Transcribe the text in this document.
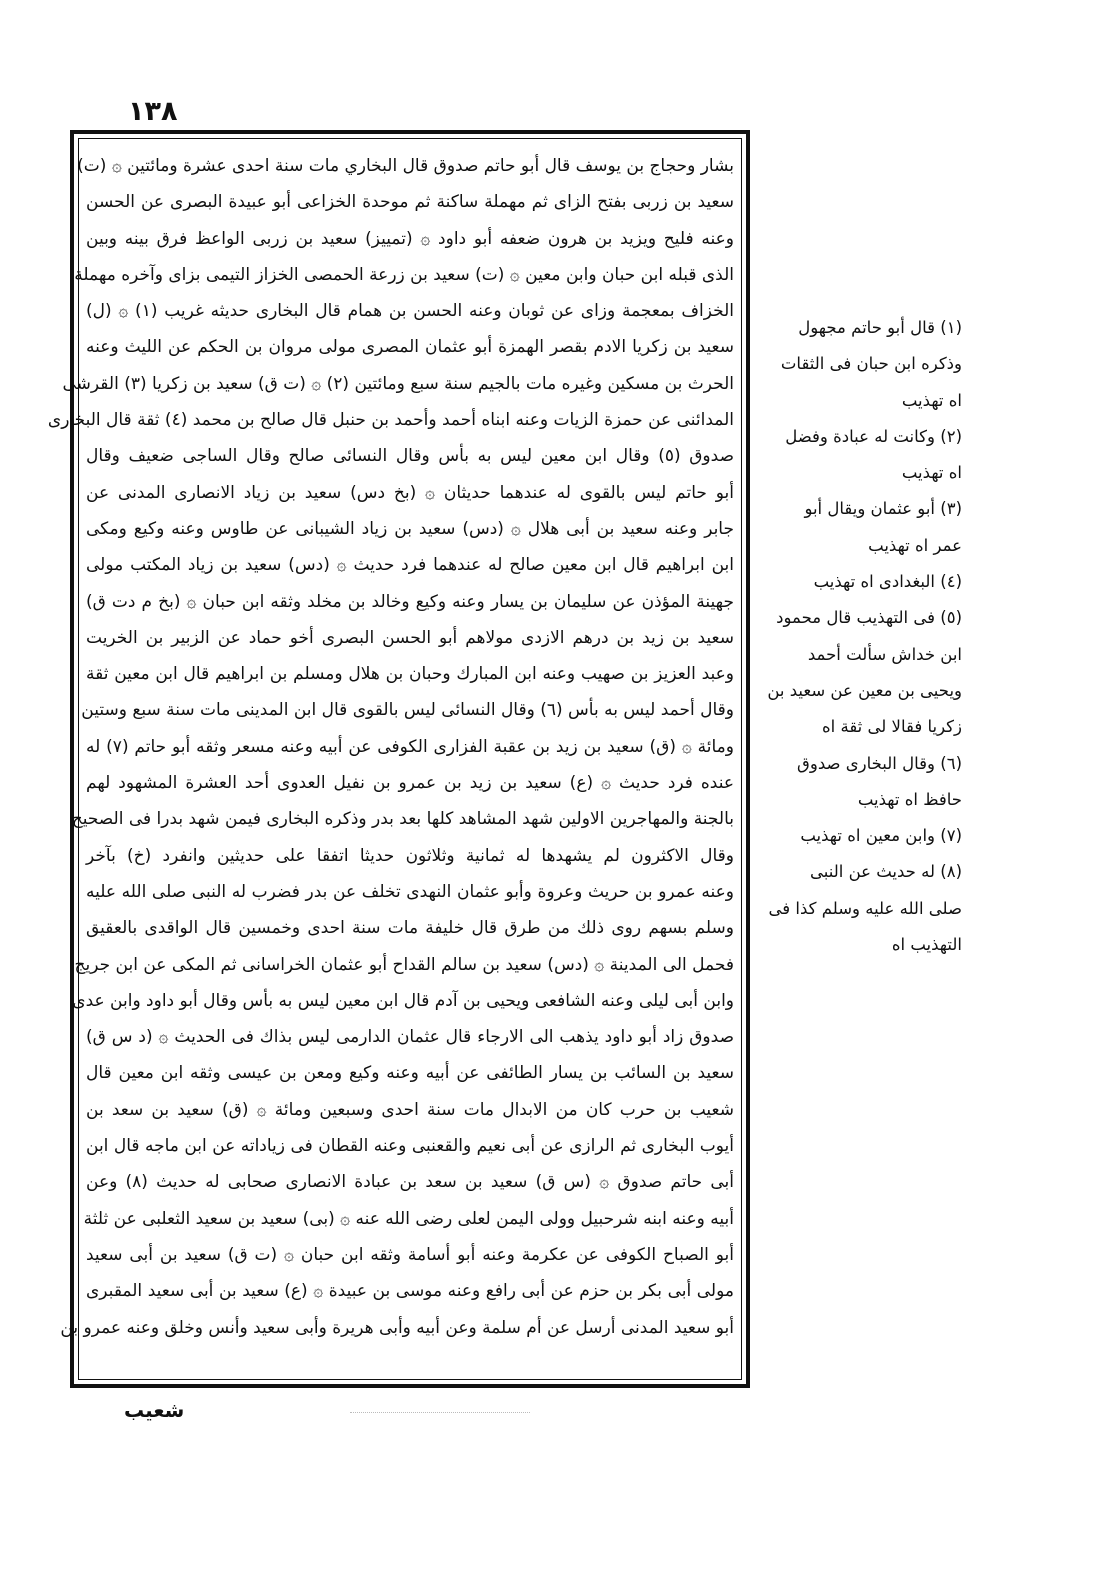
١٣٨
بشار وحجاج بن يوسف قال أبو حاتم صدوق قال البخاري مات سنة احدى عشرة ومائتين ۞ (ت)
سعيد بن زربى بفتح الزاى ثم مهملة ساكنة ثم موحدة الخزاعى أبو عبيدة البصرى عن الحسن
وعنه فليح ويزيد بن هرون ضعفه أبو داود ۞ (تمييز) سعيد بن زربى الواعظ فرق بينه وبين
الذى قبله ابن حبان وابن معين ۞ (ت) سعيد بن زرعة الحمصى الخزاز التيمى بزاى وآخره مهملة
الخزاف بمعجمة وزاى عن ثوبان وعنه الحسن بن همام قال البخارى حديثه غريب (١) ۞ (ل)
سعيد بن زكريا الادم بقصر الهمزة أبو عثمان المصرى مولى مروان بن الحكم عن الليث وعنه
الحرث بن مسكين وغيره مات بالجيم سنة سبع ومائتين (٢) ۞ (ت ق) سعيد بن زكريا (٣) القرشى
المدائنى عن حمزة الزيات وعنه ابناه أحمد وأحمد بن حنبل قال صالح بن محمد (٤) ثقة قال البخارى
صدوق (٥) وقال ابن معين ليس به بأس وقال النسائى صالح وقال الساجى ضعيف وقال
أبو حاتم ليس بالقوى له عندهما حديثان ۞ (بخ دس) سعيد بن زياد الانصارى المدنى عن
جابر وعنه سعيد بن أبى هلال ۞ (دس) سعيد بن زياد الشيبانى عن طاوس وعنه وكيع ومكى
ابن ابراهيم قال ابن معين صالح له عندهما فرد حديث ۞ (دس) سعيد بن زياد المكتب مولى
جهينة المؤذن عن سليمان بن يسار وعنه وكيع وخالد بن مخلد وثقه ابن حبان ۞ (بخ م دت ق)
سعيد بن زيد بن درهم الازدى مولاهم أبو الحسن البصرى أخو حماد عن الزبير بن الخريت
وعبد العزيز بن صهيب وعنه ابن المبارك وحبان بن هلال ومسلم بن ابراهيم قال ابن معين ثقة
وقال أحمد ليس به بأس (٦) وقال النسائى ليس بالقوى قال ابن المدينى مات سنة سبع وستين
ومائة ۞ (ق) سعيد بن زيد بن عقبة الفزارى الكوفى عن أبيه وعنه مسعر وثقه أبو حاتم (٧) له
عنده فرد حديث ۞ (ع) سعيد بن زيد بن عمرو بن نفيل العدوى أحد العشرة المشهود لهم
بالجنة والمهاجرين الاولين شهد المشاهد كلها بعد بدر وذكره البخارى فيمن شهد بدرا فى الصحيح
وقال الاكثرون لم يشهدها له ثمانية وثلاثون حديثا اتفقا على حديثين وانفرد (خ) بآخر
وعنه عمرو بن حريث وعروة وأبو عثمان النهدى تخلف عن بدر فضرب له النبى صلى الله عليه
وسلم بسهم روى ذلك من طرق قال خليفة مات سنة احدى وخمسين قال الواقدى بالعقيق
فحمل الى المدينة ۞ (دس) سعيد بن سالم القداح أبو عثمان الخراسانى ثم المكى عن ابن جريج
وابن أبى ليلى وعنه الشافعى ويحيى بن آدم قال ابن معين ليس به بأس وقال أبو داود وابن عدى
صدوق زاد أبو داود يذهب الى الارجاء قال عثمان الدارمى ليس بذاك فى الحديث ۞ (د س ق)
سعيد بن السائب بن يسار الطائفى عن أبيه وعنه وكيع ومعن بن عيسى وثقه ابن معين قال
شعيب بن حرب كان من الابدال مات سنة احدى وسبعين ومائة ۞ (ق) سعيد بن سعد بن
أيوب البخارى ثم الرازى عن أبى نعيم والقعنبى وعنه القطان فى زياداته عن ابن ماجه قال ابن
أبى حاتم صدوق ۞ (س ق) سعيد بن سعد بن عبادة الانصارى صحابى له حديث (٨) وعن
أبيه وعنه ابنه شرحبيل وولى اليمن لعلى رضى الله عنه ۞ (بى) سعيد بن سعيد الثعلبى عن ثلثة
أبو الصباح الكوفى عن عكرمة وعنه أبو أسامة وثقه ابن حبان ۞ (ت ق) سعيد بن أبى سعيد
مولى أبى بكر بن حزم عن أبى رافع وعنه موسى بن عبيدة ۞ (ع) سعيد بن أبى سعيد المقبرى
أبو سعيد المدنى أرسل عن أم سلمة وعن أبيه وأبى هريرة وأبى سعيد وأنس وخلق وعنه عمرو بن
(١) قال أبو حاتم مجهول
وذكره ابن حبان فى الثقات
اه تهذيب
(٢) وكانت له عبادة وفضل
اه تهذيب
(٣) أبو عثمان ويقال أبو
عمر اه تهذيب
(٤) البغدادى اه تهذيب
(٥) فى التهذيب قال محمود
ابن خداش سألت أحمد
ويحيى بن معين عن سعيد بن
زكريا فقالا لى ثقة اه
(٦) وقال البخارى صدوق
حافظ اه تهذيب
(٧) وابن معين اه تهذيب
(٨) له حديث عن النبى
صلى الله عليه وسلم كذا فى
التهذيب اه
شعيب
